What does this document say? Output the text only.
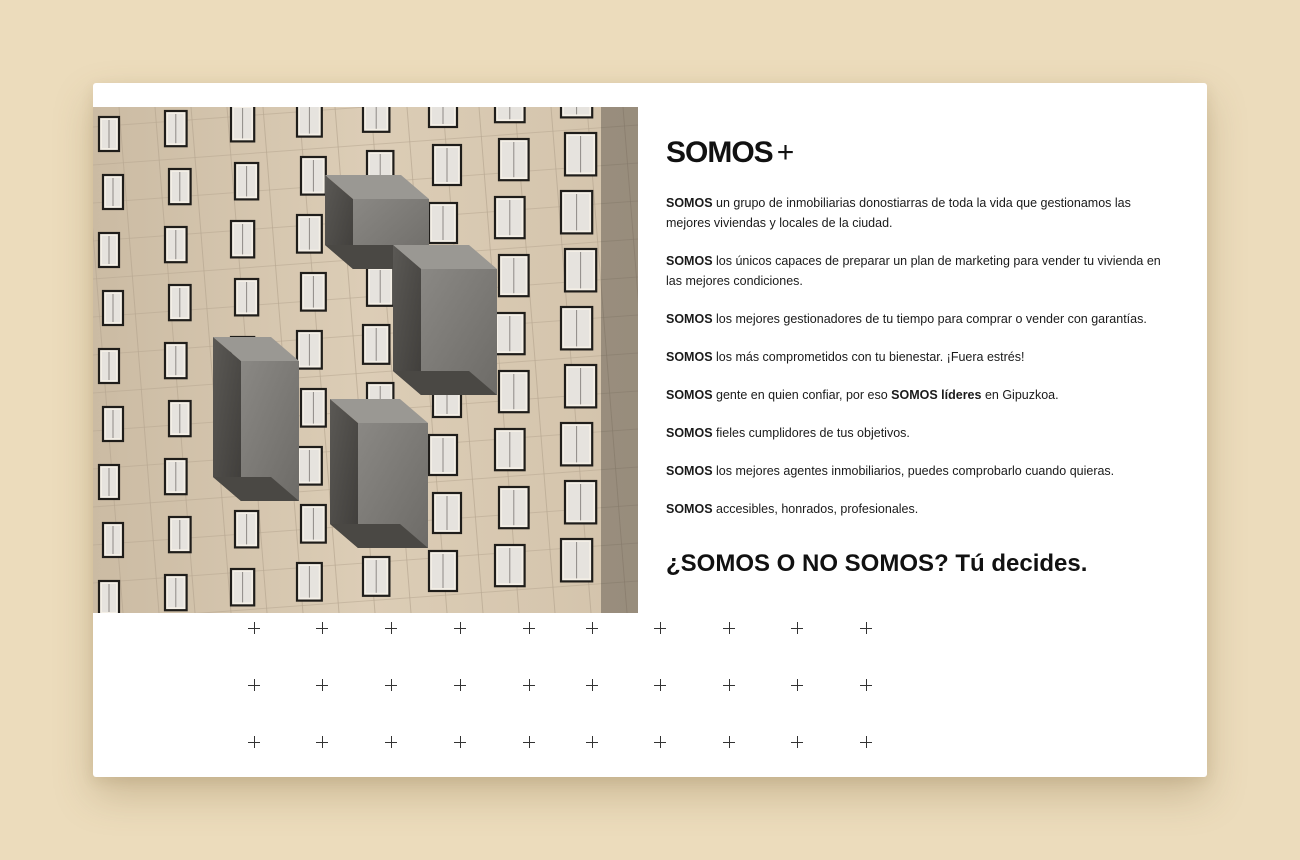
SOMOS +

SOMOS un grupo de inmobiliarias donostiarras de toda la vida que gestionamos las mejores viviendas y locales de la ciudad.

SOMOS los únicos capaces de preparar un plan de marketing para vender tu vivienda en las mejores condiciones.

SOMOS los mejores gestionadores de tu tiempo para comprar o vender con garantías.

SOMOS los más comprometidos con tu bienestar. ¡Fuera estrés!

SOMOS gente en quien confiar, por eso SOMOS líderes en Gipuzkoa.

SOMOS fieles cumplidores de tus objetivos.

SOMOS los mejores agentes inmobiliarios, puedes comprobarlo cuando quieras.

SOMOS accesibles, honrados, profesionales.

¿SOMOS O NO SOMOS? Tú decides.
